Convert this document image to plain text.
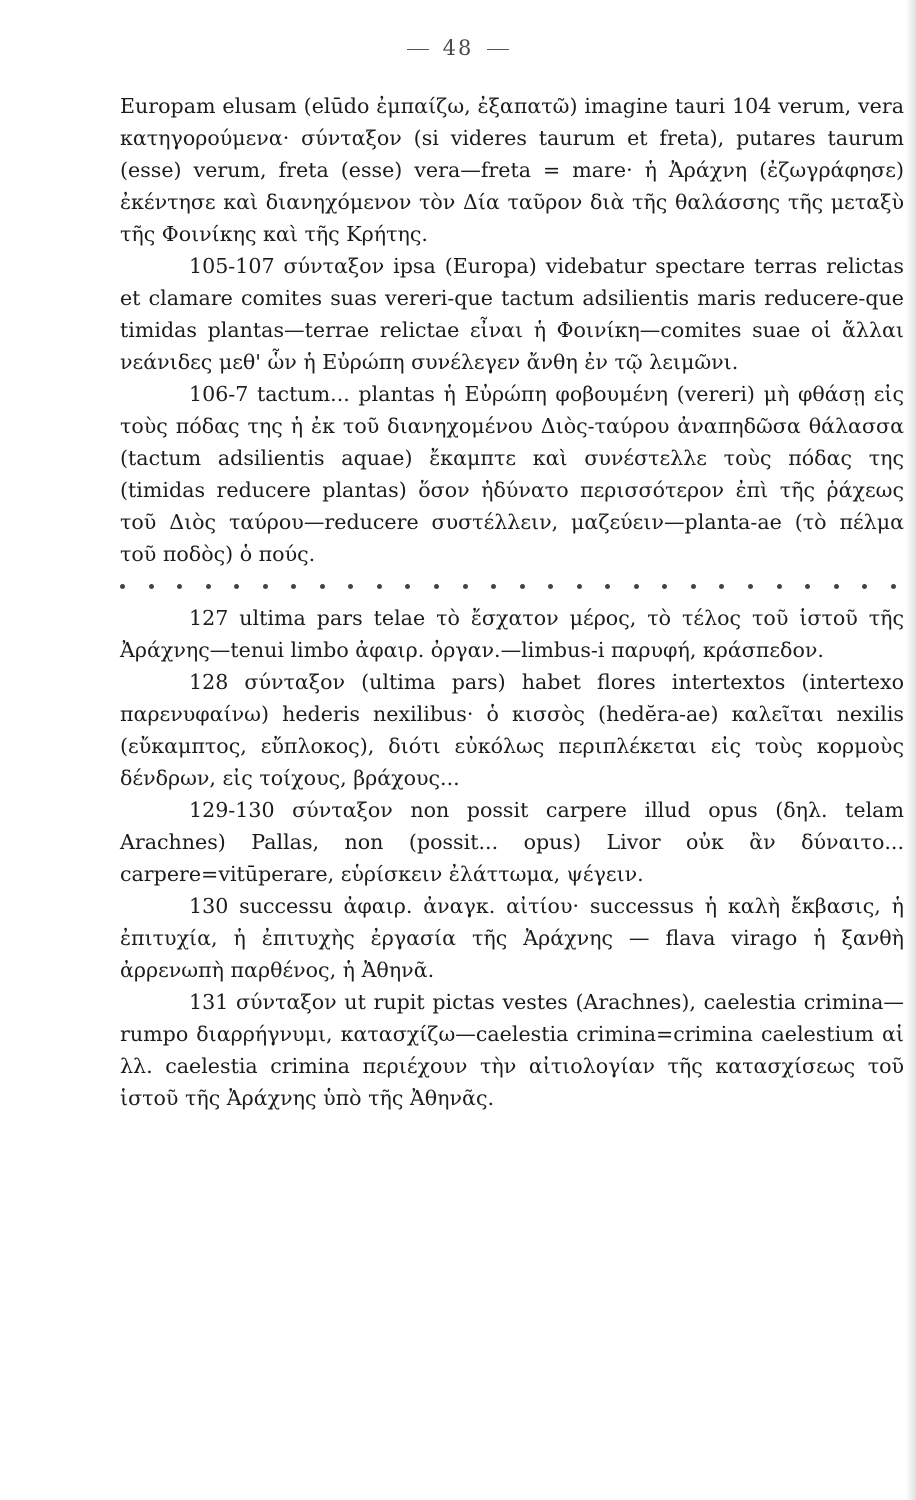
48

Europam elusam (elūdo ἐμπαίζω, ἐξαπατῶ) imagine tauri 104 verum, vera κατηγορούμενα· σύνταξον (si videres taurum et freta), putares taurum (esse) verum, freta (esse) vera—freta = mare· ἡ Ἀράχνη (ἐζωγράφησε) ἐκέντησε καὶ διανηχόμενον τὸν Δία ταῦρον διὰ τῆς θαλάσσης τῆς μεταξὺ τῆς Φοινίκης καὶ τῆς Κρήτης.

105-107 σύνταξον ipsa (Europa) videbatur spectare terras relictas et clamare comites suas vereri-que tactum adsilientis maris reducere-que timidas plantas—terrae relictae εἶναι ἡ Φοινίκη—comites suae οἱ ἄλλαι νεάνιδες μεθ' ὧν ἡ Εὐρώπη συνέλεγεν ἄνθη ἐν τῷ λειμῶνι.

106-7 tactum... plantas ἡ Εὐρώπη φοβουμένη (vereri) μὴ φθάσῃ εἰς τοὺς πόδας της ἡ ἐκ τοῦ διανηχομένου Διὸς-ταύρου ἀναπηδῶσα θάλασσα (tactum adsilientis aquae) ἔκαμπτε καὶ συνέστελλε τοὺς πόδας της (timidas reducere plantas) ὅσον ἠδύνατο περισσότερον ἐπὶ τῆς ῥάχεως τοῦ Διὸς ταύρου—reducere συστέλλειν, μαζεύειν—planta-ae (τὸ πέλμα τοῦ ποδὸς) ὁ πούς.

127 ultima pars telae τὸ ἔσχατον μέρος, τὸ τέλος τοῦ ἱστοῦ τῆς Ἀράχνης—tenui limbo ἀφαιρ. ὀργαν.—limbus-i παρυφή, κράσπεδον.

128 σύνταξον (ultima pars) habet flores intertextos (intertexo παρενυφαίνω) hederis nexilibus· ὁ κισσὸς (hedĕra-ae) καλεῖται nexilis (εὔκαμπτος, εὔπλοκος), διότι εὐκόλως περιπλέκεται εἰς τοὺς κορμοὺς δένδρων, εἰς τοίχους, βράχους...

129-130 σύνταξον non possit carpere illud opus (δηλ. telam Arachnes) Pallas, non (possit... opus) Livor οὐκ ἂν δύναιτο... carpere=vitūperare, εὑρίσκειν ἐλάττωμα, ψέγειν.

130 successu ἀφαιρ. ἀναγκ. αἰτίου· successus ἡ καλὴ ἔκβασις, ἡ ἐπιτυχία, ἡ ἐπιτυχὴς ἐργασία τῆς Ἀράχνης — flava virago ἡ ξανθὴ ἀρρενωπὴ παρθένος, ἡ Ἀθηνᾶ.

131 σύνταξον ut rupit pictas vestes (Arachnes), caelestia crimina—rumpo διαρρήγνυμι, κατασχίζω—caelestia crimina=crimina caelestium αἱ λλ. caelestia crimina περιέχουν τὴν αἰτιολογίαν τῆς κατασχίσεως τοῦ ἱστοῦ τῆς Ἀράχνης ὑπὸ τῆς Ἀθηνᾶς.
